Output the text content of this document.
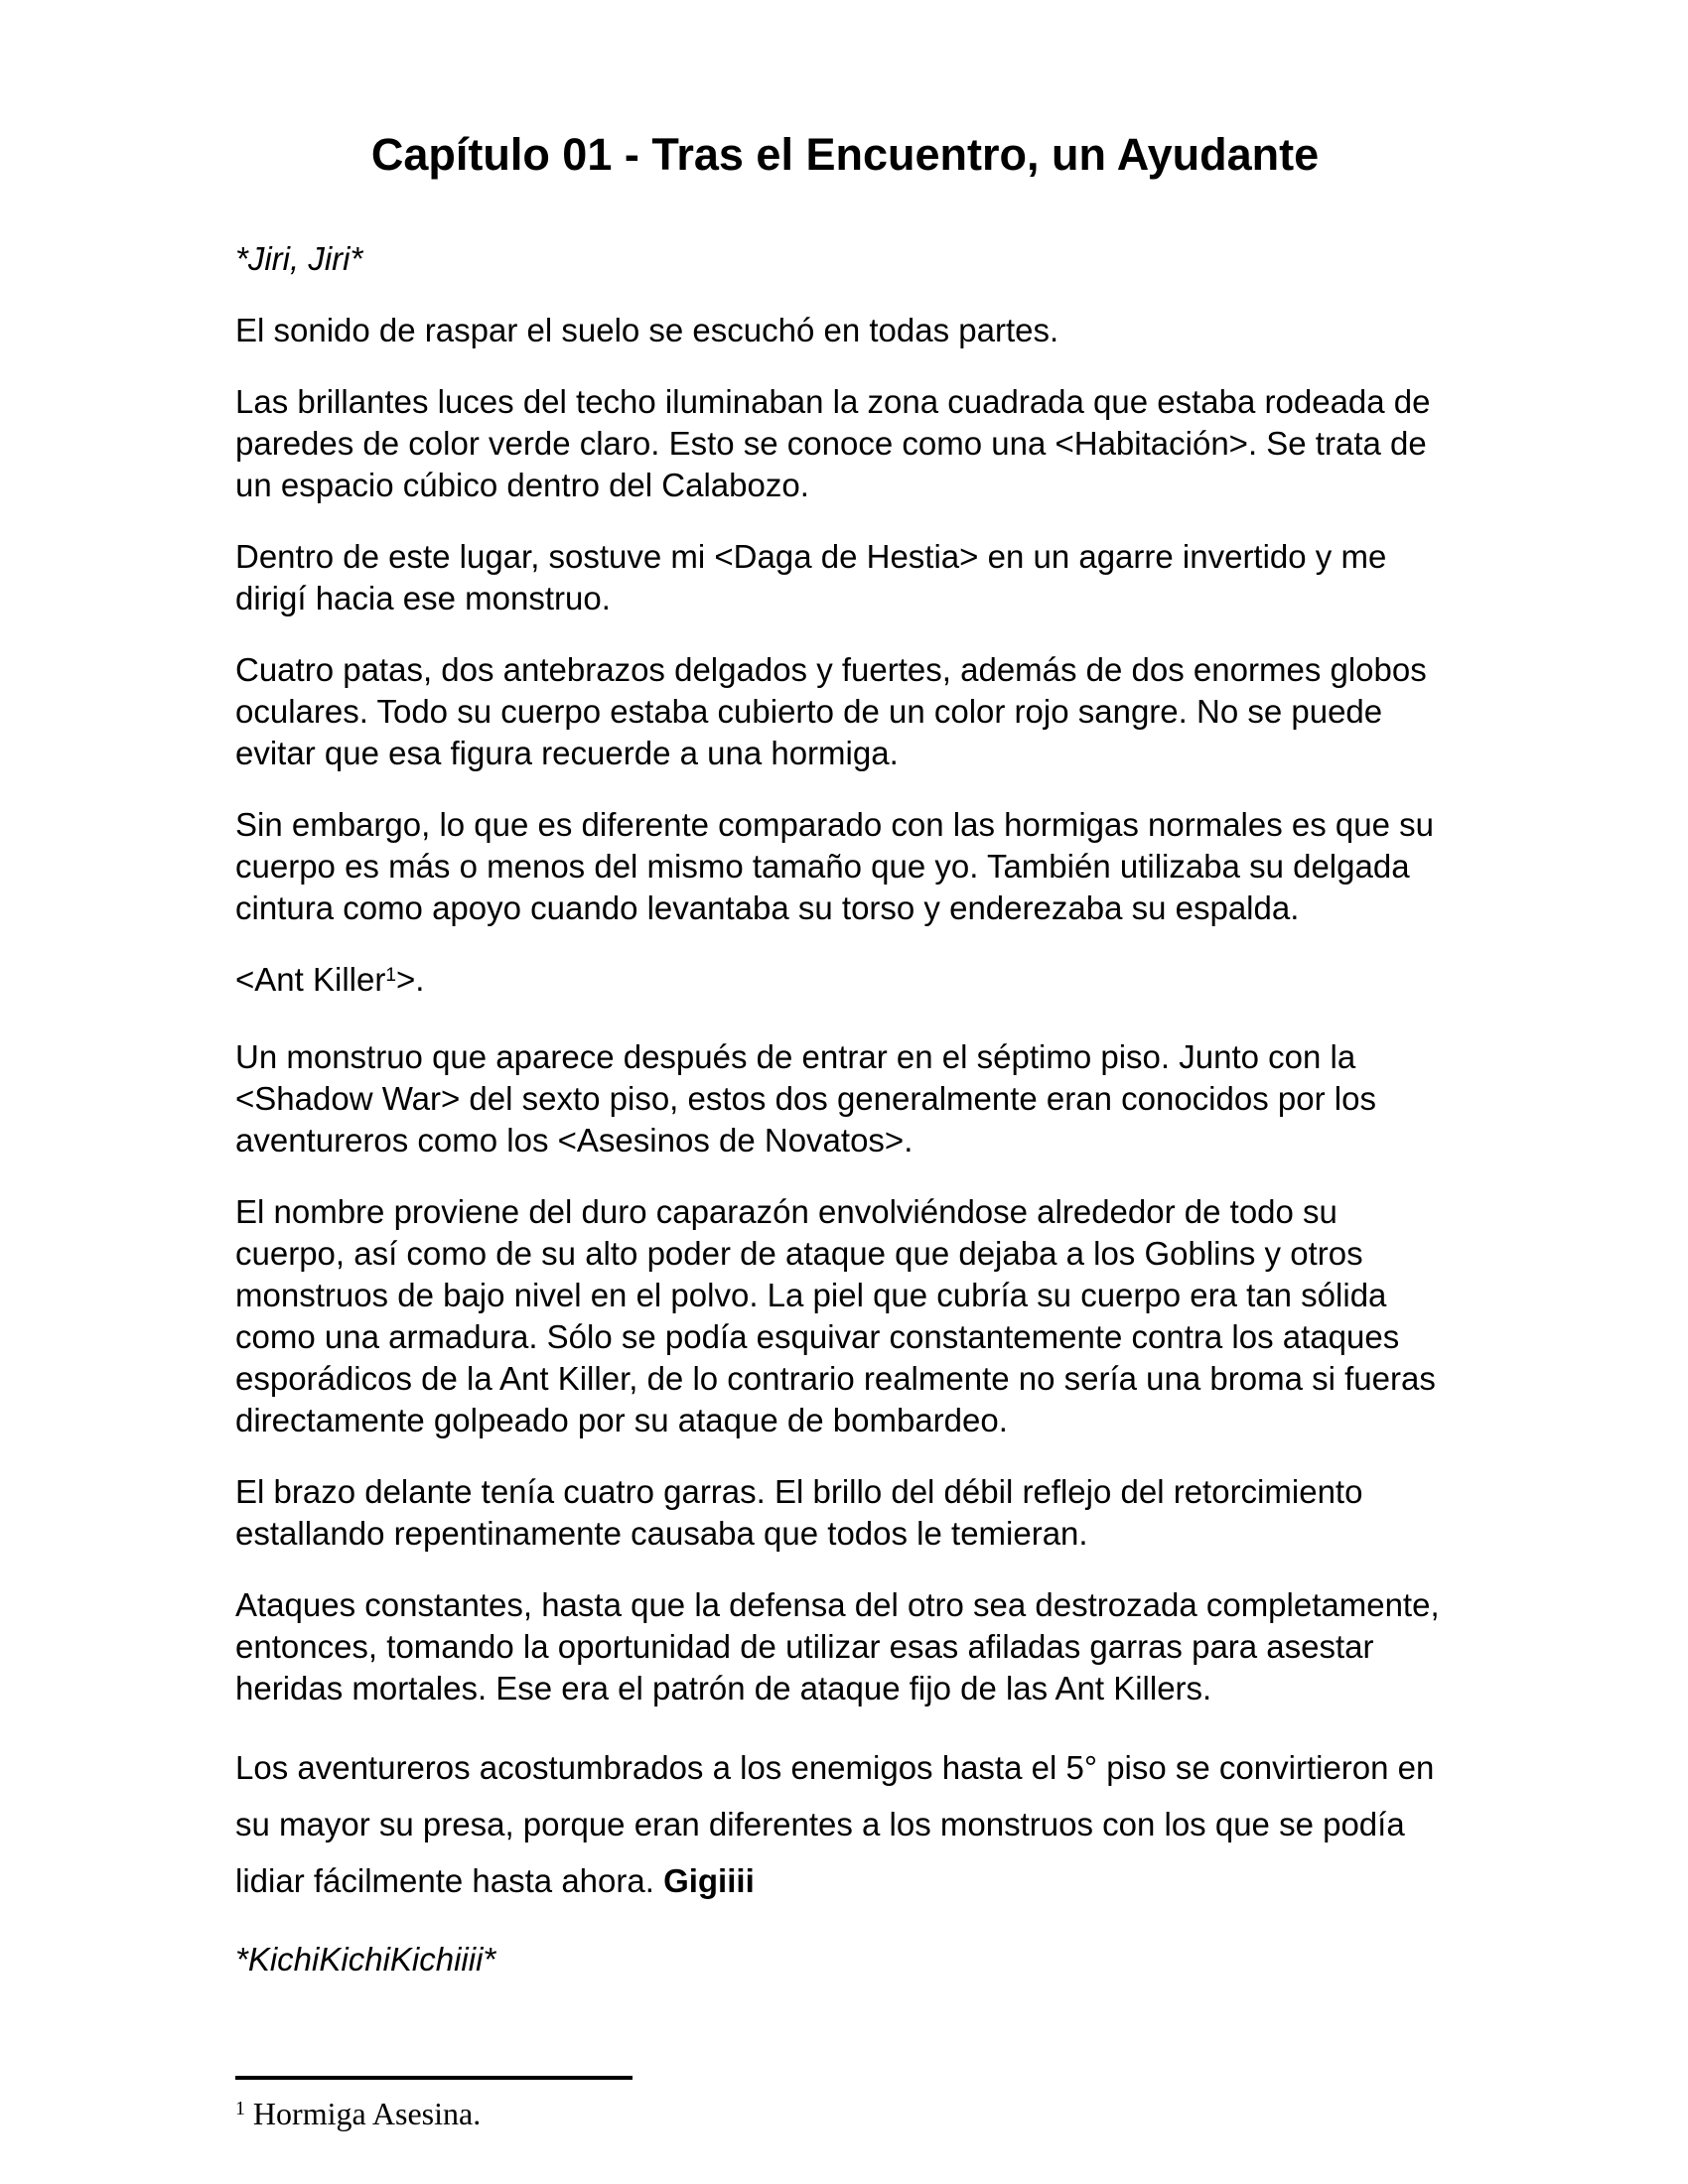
Capítulo 01 - Tras el Encuentro, un Ayudante

*Jiri, Jiri*

El sonido de raspar el suelo se escuchó en todas partes.

Las brillantes luces del techo iluminaban la zona cuadrada que estaba rodeada de paredes de color verde claro. Esto se conoce como una <Habitación>. Se trata de un espacio cúbico dentro del Calabozo.

Dentro de este lugar, sostuve mi <Daga de Hestia> en un agarre invertido y me dirigí hacia ese monstruo.

Cuatro patas, dos antebrazos delgados y fuertes, además de dos enormes globos oculares. Todo su cuerpo estaba cubierto de un color rojo sangre. No se puede evitar que esa figura recuerde a una hormiga.

Sin embargo, lo que es diferente comparado con las hormigas normales es que su cuerpo es más o menos del mismo tamaño que yo. También utilizaba su delgada cintura como apoyo cuando levantaba su torso y enderezaba su espalda.

<Ant Killer$^1$>.

Un monstruo que aparece después de entrar en el séptimo piso. Junto con la <Shadow War> del sexto piso, estos dos generalmente eran conocidos por los aventureros como los <Asesinos de Novatos>.

El nombre proviene del duro caparazón envolviéndose alrededor de todo su cuerpo, así como de su alto poder de ataque que dejaba a los Goblins y otros monstruos de bajo nivel en el polvo. La piel que cubría su cuerpo era tan sólida como una armadura. Sólo se podía esquivar constantemente contra los ataques esporádicos de la Ant Killer, de lo contrario realmente no sería una broma si fueras directamente golpeado por su ataque de bombardeo.

El brazo delante tenía cuatro garras. El brillo del débil reflejo del retorcimiento estallando repentinamente causaba que todos le temieran.

Ataques constantes, hasta que la defensa del otro sea destrozada completamente, entonces, tomando la oportunidad de utilizar esas afiladas garras para asestar heridas mortales. Ese era el patrón de ataque fijo de las Ant Killers.

Los aventureros acostumbrados a los enemigos hasta el 5° piso se convirtieron en su mayor su presa, porque eran diferentes a los monstruos con los que se podía lidiar fácilmente hasta ahora. Gigiiii

*KichiKichiKichiiii*

$^1$ Hormiga Asesina.
